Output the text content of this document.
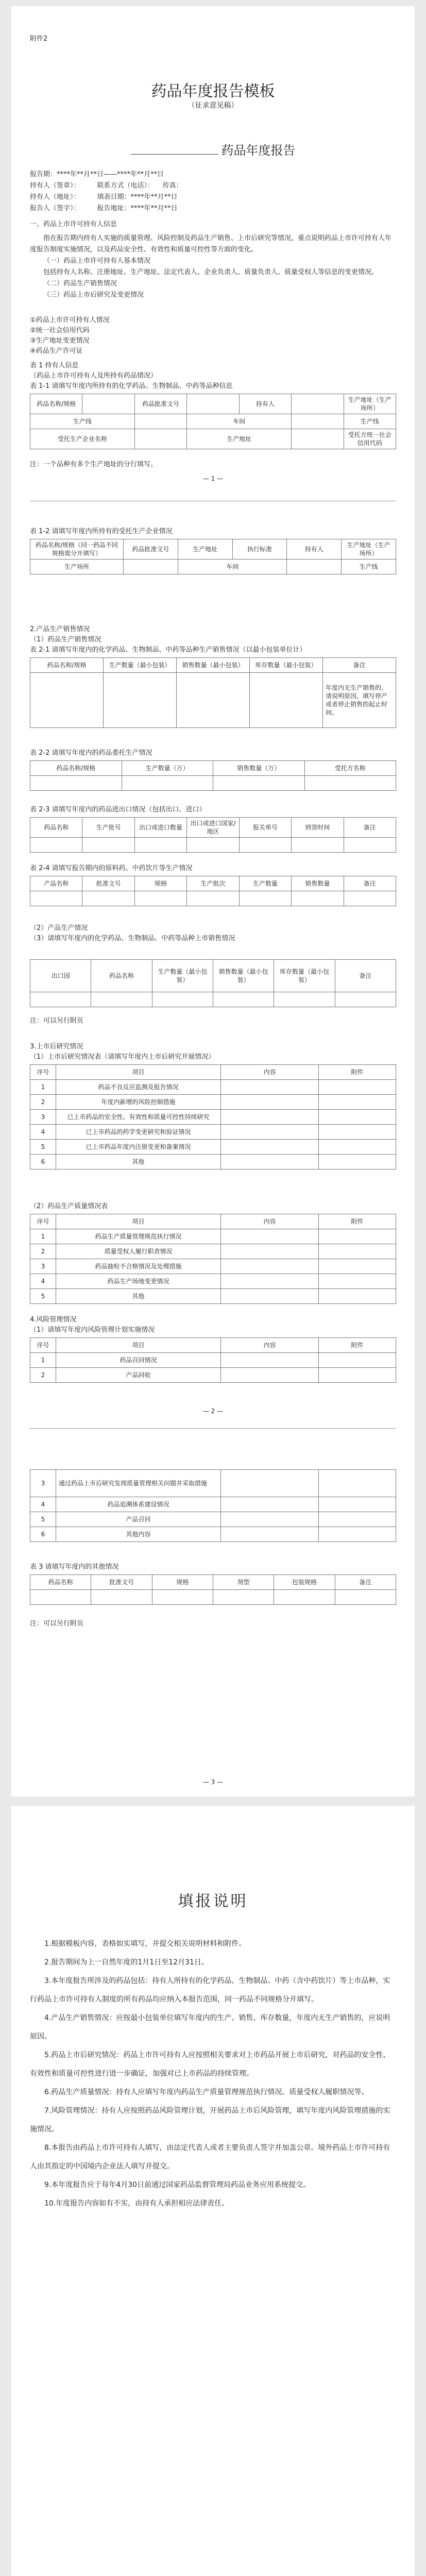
附件2
药品年度报告模板
（征求意见稿）
药品年度报告
报告期：****年**月**日——****年**月**日
持有人（签章）：        联系方式（电话）：    传真：
持有人（地址）：        填表日期：****年**月**日
报告人（签字）：        报告地址：****年**月**日
一、药品上市许可持有人信息

指在报告期内持有人实施的质量管理、风险控制及药品生产销售、上市后研究等情况，重点说明药品上市许可持有人年度报告制度实施情况，以及药品安全性、有效性和质量可控性等方面的变化。

（一）药品上市许可持有人基本情况

包括持有人名称、注册地址、生产地址、法定代表人、企业负责人、质量负责人、质量受权人等信息的变更情况。

（二）药品生产销售情况

（三）药品上市后研究及变更情况

①药品上市许可持有人情况
②统一社会信用代码
③生产地址变更情况
④药品生产许可证
表 1 持有人信息
（药品上市许可持有人及所持有药品情况）
表 1-1 请填写年度内所持有的化学药品、生物制品、中药等品种信息
药品名称/规格		药品批准文号		持有人		生产地址（生产场所）
生产线			车间			生产线
受托生产企业名称			生产地址			受托方统一社会信用代码
注：一个品种有多个生产地址的分行填写。
— 1 —
表 1-2 请填写年度内所持有的受托生产企业情况
药品名称/规格（同一药品不同规格需分开填写）	药品批准文号	生产地址	执行标准	持有人	生产地址（生产场所）
生产场所		车间			生产线
2.产品生产销售情况
（1）药品生产销售情况
表 2-1 请填写年度内的化学药品、生物制品、中药等品种生产销售情况（以最小包装单位计）
药品名称/规格	生产数量（最小包装）	销售数量（最小包装）	库存数量（最小包装）	备注
				年度内无生产销售的，请说明原因，填写停产或者停止销售的起止时间。
表 2-2 请填写年度内的药品委托生产情况
药品名称/规格	生产数量（万）	销售数量（万）	受托方名称

表 2-3 请填写年度内的药品进出口情况（包括出口、进口）
药品名称	生产批号	出口或进口数量	出口或进口国家/地区	报关单号	到货时间	备注

表 2-4 请填写报告期内的原料药、中药饮片等生产情况
产品名称	批准文号	规格	生产批次	生产数量	销售数量	备注

（2）产品生产情况
（3）请填写年度内的化学药品、生物制品、中药等品种上市销售情况
出口国	药品名称	生产数量（最小包装）	销售数量（最小包装）	库存数量（最小包装）	备注

注：可以另行附页
3.上市后研究情况
（1）上市后研究情况表（请填写年度内上市后研究开展情况）
序号	项目	内容	附件
1	药品不良反应监测及报告情况		
2	年度内新增的风险控制措施		
3	已上市药品的安全性、有效性和质量可控性持续研究		
4	已上市药品的药学变更研究和验证情况		
5	已上市药品年度内注册变更和备案情况		
6	其他		
（2）药品生产质量情况表
序号	项目	内容	附件
1	药品生产质量管理规范执行情况		
2	质量受权人履行职责情况		
3	药品抽检不合格情况及处理措施		
4	药品生产场地变更情况		
5	其他		
4.风险管理情况
（1）请填写年度内风险管理计划实施情况
序号	项目	内容	附件
1	药品召回情况		
2	产品回收		
— 2 —
3	通过药品上市后研究发现质量管理相关问题并采取措施		
4	药品追溯体系建设情况		
5	产品召回		
6	其他内容		
表 3 请填写年度内的其他情况
药品名称	批准文号	规格	剂型	包装规格	备注

注：可以另行附页
— 3 —
填报说明

1.根据模板内容，表格如实填写，并提交相关说明材料和附件。

2.报告期间为上一自然年度的1月1日至12月31日。

3.本年度报告所涉及的药品包括：持有人所持有的化学药品、生物制品、中药（含中药饮片）等上市品种，实行药品上市许可持有人制度的所有药品均应纳入本报告范围，同一药品不同规格分开填写。

4.产品生产销售情况：应按最小包装单位填写年度内的生产、销售、库存数量，年度内无生产销售的，应说明原因。

5.药品上市后研究情况：药品上市许可持有人应按照相关要求对上市药品开展上市后研究，对药品的安全性、有效性和质量可控性进行进一步确证，加强对已上市药品的持续管理。

6.药品生产质量情况：持有人应填写年度内药品生产质量管理规范执行情况、质量受权人履职情况等。

7.风险管理情况：持有人应按照药品风险管理计划，开展药品上市后风险管理，填写年度内风险管理措施的实施情况。

8.本报告由药品上市许可持有人填写，由法定代表人或者主要负责人签字并加盖公章。境外药品上市许可持有人由其指定的中国境内企业法人填写并提交。

9.本年度报告应于每年4月30日前通过国家药品监督管理局药品业务应用系统提交。

10.年度报告内容如有不实，由持有人承担相应法律责任。
